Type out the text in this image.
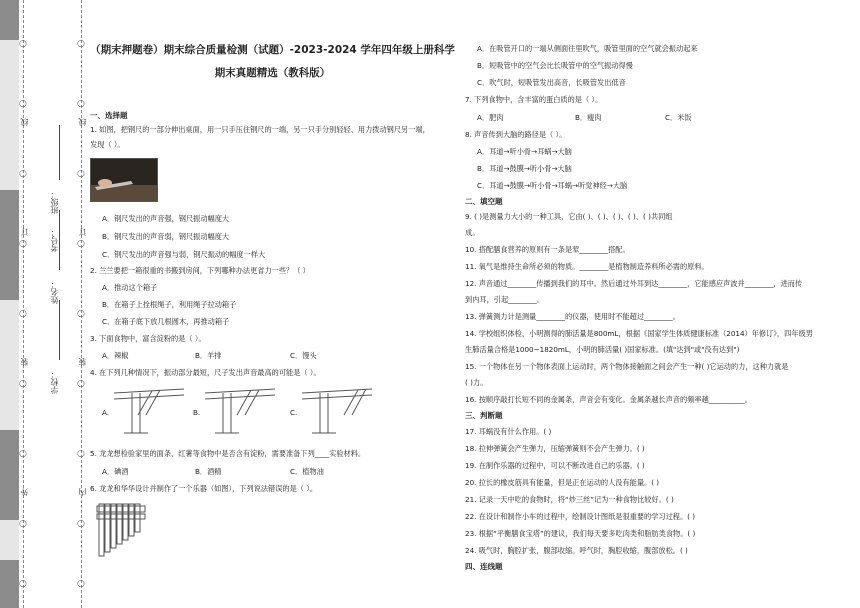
○
○
○
○
○
○
○
○
○
○
○
○
○
○
○
○
○
○
线
订
装
外
线
订
装
内
学校：
姓名：
班级：
考号：
（期末押题卷）期末综合质量检测（试题）-2023-2024 学年四年级上册科学
期末真题精选（教科版）
一、选择题
1. 如图，把钢尺的一部分伸出桌面，用一只手压住钢尺的一端，另一只手分别轻轻、用力拨动钢尺另一端，
发现（ ）。
A．钢尺发出的声音强，钢尺振动幅度大
B．钢尺发出的声音弱，钢尺振动幅度大
C．钢尺发出的声音强与弱，钢尺振动的幅度一样大
2. 兰兰要把一箱很重的书搬到房间，下列哪种办法更省力一些？（ ）
A．推动这个箱子
B．在箱子上拴根绳子，利用绳子拉动箱子
C．在箱子底下放几根圆木，再推动箱子
3. 下面食物中，富含淀粉的是（ ）。
A．辣椒	B．羊排	C．馒头
4. 在下列几种情况下，振动部分最短，尺子发出声音最高的可能是（ ）。
A.	B.	C.
5. 龙龙想检验家里的面条、红薯等食物中是否含有淀粉，需要准备下列____实验材料。
A．碘酒	B．酒精	C．植物油
6. 龙龙和华华设计并制作了一个乐器（如图），下列说法错误的是（ ）。
A．在吸管开口的一端从侧面往里吹气，吸管里面的空气就会振动起来
B．短吸管中的空气会比长吸管中的空气振动得慢
C．吹气时，短吸管发出高音，长吸管发出低音
7. 下列食物中，含丰富的蛋白质的是（ ）。
A．肥肉	B．瘦肉	C．米饭
8. 声音传到大脑的路径是（ ）。
A．耳道→听小骨→耳蜗→大脑
B．耳道→鼓膜→听小骨→大脑
C．耳道→鼓膜→听小骨→耳蜗→听觉神经→大脑
二、填空题
9. ( )是测量力大小的一种工具，它由( )、( )、( )、( )、( )共同组
成。
10. 搭配膳食营养的原则有一条是荤________搭配。
11. 氧气是维持生命所必须的物质。________是植物制造养料所必需的原料。
12. 声音通过________传播到我们的耳中。然后通过外耳到达________，它能感应声波并________，进而传
到内耳，引起________。
13. 弹簧测力计是测量________的仪器，使用时不能超过________。
14. 学校组织体检，小明测得的肺活量是800mL，根据《国家学生体质健康标准（2014）年修订》，四年级男
生肺活量合格是1000~1820mL，小明的肺活量( )国家标准。(填"达到"或"没有达到")
15. 一个物体在另一个物体表面上运动时，两个物体接触面之间会产生一种( )它运动的力，这种力就是
( )力。
16. 按顺序敲打长短不同的金属条，声音会有变化。金属条越长声音的频率越__________。
三、判断题
17. 耳蜗没有什么作用。( )
18. 拉伸弹簧会产生弹力，压缩弹簧则不会产生弹力。( )
19. 在制作乐器的过程中，可以不断改进自己的乐器。( )
20. 拉长的橡皮筋具有能量，但是正在运动的人没有能量。( )
21. 记录一天中吃的食物时，将“炒三丝”记为一种食物比较好。( )
22. 在设计和制作小车的过程中，绘制设计图纸是很重要的学习过程。( )
23. 根据“平衡膳食宝塔”的建议，我们每天要多吃肉类和脂肪类食物。( )
24. 吸气时，胸腔扩张，腹部收缩。呼气时，胸腔收缩，腹部放松。( )
四、连线题
